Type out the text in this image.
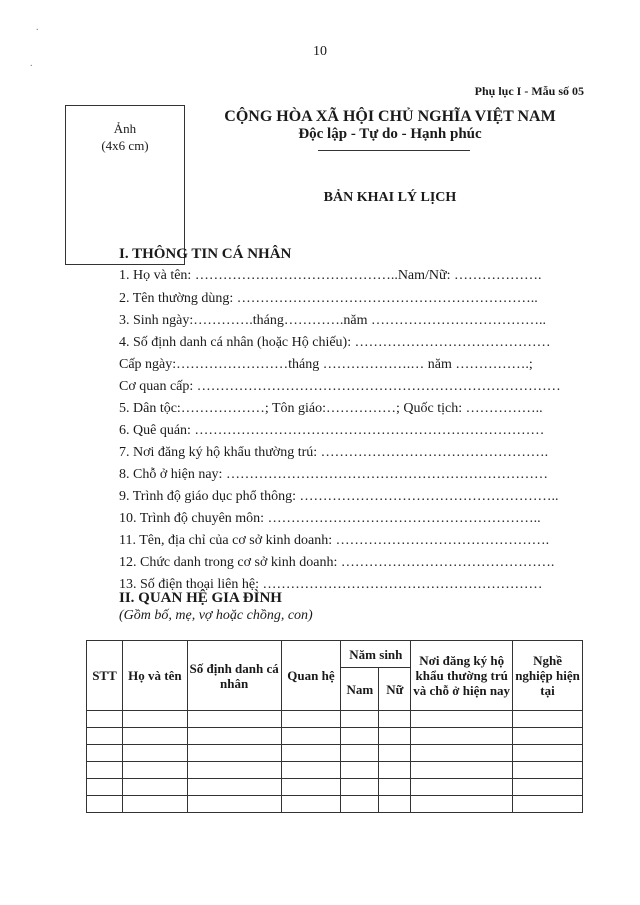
10
Phụ lục I - Mẫu số 05
Ảnh
(4x6 cm)
CỘNG HÒA XÃ HỘI CHỦ NGHĨA VIỆT NAM
Độc lập - Tự do - Hạnh phúc
BẢN KHAI LÝ LỊCH
I. THÔNG TIN CÁ NHÂN
1. Họ và tên: ……………………………………..Nam/Nữ: ……………….
2. Tên thường dùng: ………………………………………………………..
3. Sinh ngày:………….tháng………….năm ………………………………..
4. Số định danh cá nhân (hoặc Hộ chiếu): ……………………………………
Cấp ngày:……………………tháng ……………….… năm …………….;
Cơ quan cấp: ……………………………………………………………………
5. Dân tộc:………………; Tôn giáo:……………; Quốc tịch: ……………..
6. Quê quán: …………………………………………………………………
7. Nơi đăng ký hộ khẩu thường trú: ………………………………………….
8. Chỗ ở hiện nay: ……………………………………………………………
9. Trình độ giáo dục phổ thông: ………………………………………………..
10. Trình độ chuyên môn: …………………………………………………..
11. Tên, địa chỉ của cơ sở kinh doanh: ……………………………………….
12. Chức danh trong cơ sở kinh doanh: ……………………………………….
13. Số điện thoại liên hệ: ……………………………………………………
II. QUAN HỆ GIA ĐÌNH
(Gồm bố, mẹ, vợ hoặc chồng, con)
STT	Họ và tên	Số định danh cá nhân	Quan hệ	Năm sinh		Nơi đăng ký hộ khẩu thường trú và chỗ ở hiện nay	Nghề nghiệp hiện tại
				Nam	Nữ		

.
.
